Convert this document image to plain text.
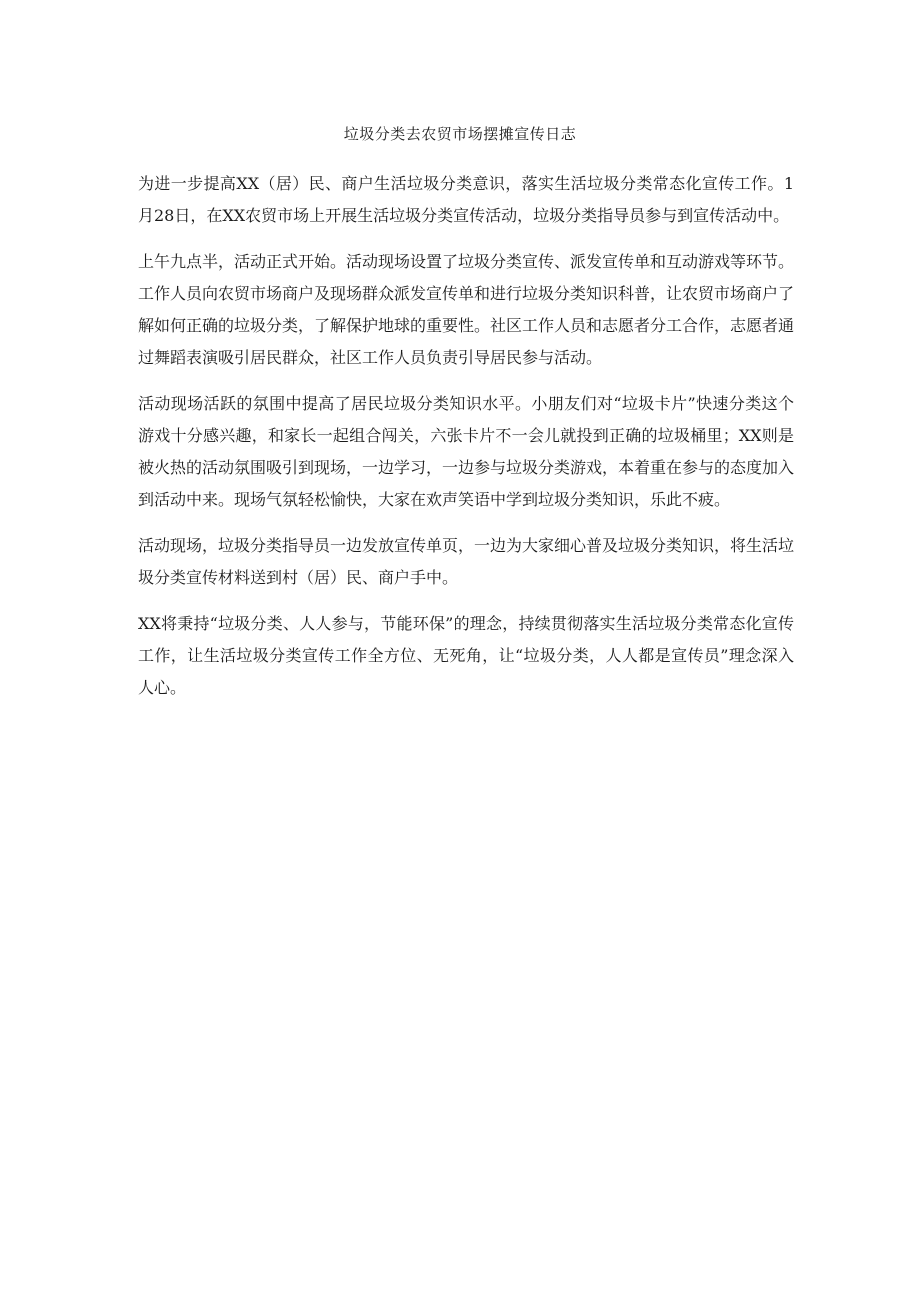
垃圾分类去农贸市场摆摊宣传日志

为进一步提高XX（居）民、商户生活垃圾分类意识，落实生活垃圾分类常态化宣传工作。1月28日，在XX农贸市场上开展生活垃圾分类宣传活动，垃圾分类指导员参与到宣传活动中。

上午九点半，活动正式开始。活动现场设置了垃圾分类宣传、派发宣传单和互动游戏等环节。工作人员向农贸市场商户及现场群众派发宣传单和进行垃圾分类知识科普，让农贸市场商户了解如何正确的垃圾分类，了解保护地球的重要性。社区工作人员和志愿者分工合作，志愿者通过舞蹈表演吸引居民群众，社区工作人员负责引导居民参与活动。

活动现场活跃的氛围中提高了居民垃圾分类知识水平。小朋友们对“垃圾卡片”快速分类这个游戏十分感兴趣，和家长一起组合闯关，六张卡片不一会儿就投到正确的垃圾桶里；XX则是被火热的活动氛围吸引到现场，一边学习，一边参与垃圾分类游戏，本着重在参与的态度加入到活动中来。现场气氛轻松愉快，大家在欢声笑语中学到垃圾分类知识，乐此不疲。

活动现场，垃圾分类指导员一边发放宣传单页，一边为大家细心普及垃圾分类知识，将生活垃圾分类宣传材料送到村（居）民、商户手中。

XX将秉持“垃圾分类、人人参与，节能环保”的理念，持续贯彻落实生活垃圾分类常态化宣传工作，让生活垃圾分类宣传工作全方位、无死角，让“垃圾分类，人人都是宣传员”理念深入人心。
